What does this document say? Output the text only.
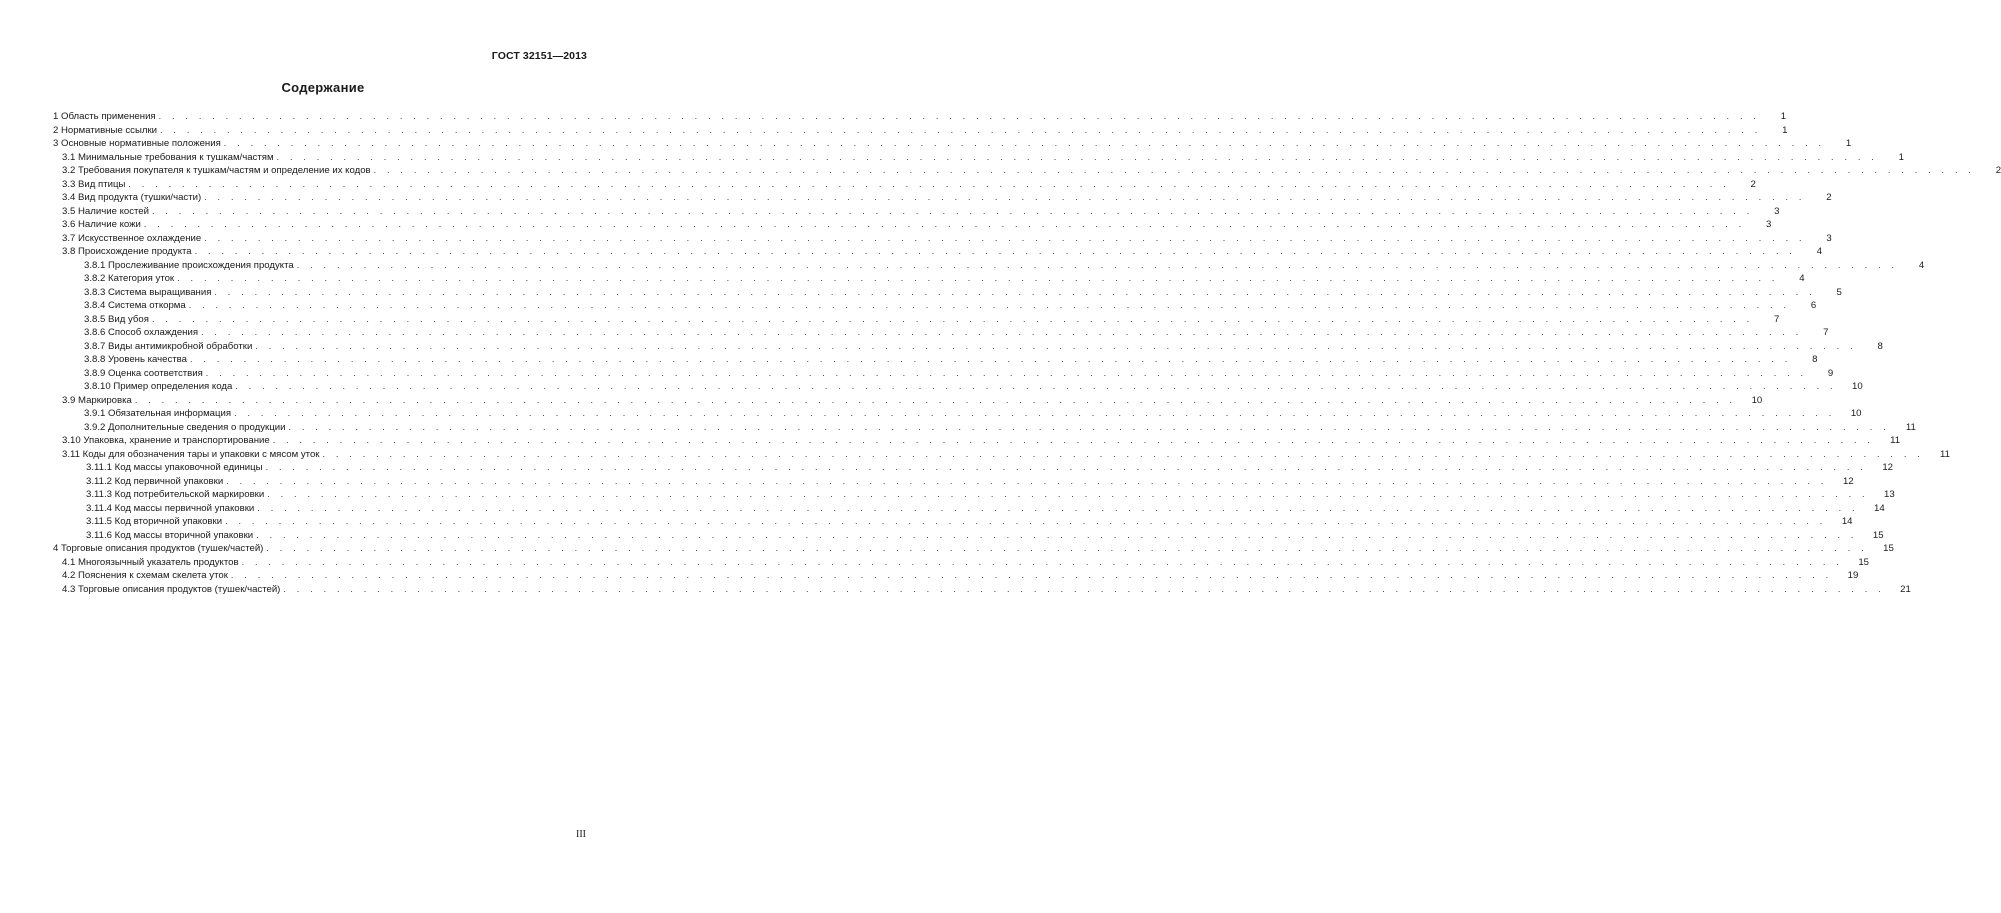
ГОСТ 32151—2013
Содержание
1 Область применения . . . . . . . . . . . . . . . . . . . . . . . . . . . . . . . . . . . . . . . . . . . . . . . . . . . . . . . . . . . . . . . . . . . . . . . . . . . . . . . . . . . . . . . . . . . . . . . . . . . . . . . . . . . . . . . . . . . . . . . .	1
2 Нормативные ссылки . . . . . . . . . . . . . . . . . . . . . . . . . . . . . . . . . . . . . . . . . . . . . . . . . . . . . . . . . . . . . . . . . . . . . . . . . . . . . . . . . . . . . . . . . . . . . . . . . . . . . . . . . . . . . . . . . . . . . . . .	1
3 Основные нормативные положения . . . . . . . . . . . . . . . . . . . . . . . . . . . . . . . . . . . . . . . . . . . . . . . . . . . . . . . . . . . . . . . . . . . . . . . . . . . . . . . . . . . . . . . . . . . . . . . . . . . . . . . . . . . . . . . . . . . . . . . .	1
3.1 Минимальные требования к тушкам/частям . . . . . . . . . . . . . . . . . . . . . . . . . . . . . . . . . . . . . . . . . . . . . . . . . . . . . . . . . . . . . . . . . . . . . . . . . . . . . . . . . . . . . . . . . . . . . . . . . . . . . . . . . . . . . . . . . . . . . . . .	1
3.2 Требования покупателя к тушкам/частям и определение их кодов . . . . . . . . . . . . . . . . . . . . . . . . . . . . . . . . . . . . . . . . . . . . . . . . . . . . . . . . . . . . . . . . . . . . . . . . . . . . . . . . . . . . . . . . . . . . . . . . . . . . . . . . . . . . . . . . . . . . . . . .	2
3.3 Вид птицы . . . . . . . . . . . . . . . . . . . . . . . . . . . . . . . . . . . . . . . . . . . . . . . . . . . . . . . . . . . . . . . . . . . . . . . . . . . . . . . . . . . . . . . . . . . . . . . . . . . . . . . . . . . . . . . . . . . . . . . .	2
3.4 Вид продукта (тушки/части) . . . . . . . . . . . . . . . . . . . . . . . . . . . . . . . . . . . . . . . . . . . . . . . . . . . . . . . . . . . . . . . . . . . . . . . . . . . . . . . . . . . . . . . . . . . . . . . . . . . . . . . . . . . . . . . . . . . . . . . .	2
3.5 Наличие костей . . . . . . . . . . . . . . . . . . . . . . . . . . . . . . . . . . . . . . . . . . . . . . . . . . . . . . . . . . . . . . . . . . . . . . . . . . . . . . . . . . . . . . . . . . . . . . . . . . . . . . . . . . . . . . . . . . . . . . . .	3
3.6 Наличие кожи . . . . . . . . . . . . . . . . . . . . . . . . . . . . . . . . . . . . . . . . . . . . . . . . . . . . . . . . . . . . . . . . . . . . . . . . . . . . . . . . . . . . . . . . . . . . . . . . . . . . . . . . . . . . . . . . . . . . . . . .	3
3.7 Искусственное охлаждение . . . . . . . . . . . . . . . . . . . . . . . . . . . . . . . . . . . . . . . . . . . . . . . . . . . . . . . . . . . . . . . . . . . . . . . . . . . . . . . . . . . . . . . . . . . . . . . . . . . . . . . . . . . . . . . . . . . . . . . .	3
3.8 Происхождение продукта . . . . . . . . . . . . . . . . . . . . . . . . . . . . . . . . . . . . . . . . . . . . . . . . . . . . . . . . . . . . . . . . . . . . . . . . . . . . . . . . . . . . . . . . . . . . . . . . . . . . . . . . . . . . . . . . . . . . . . . .	4
3.8.1 Прослеживание происхождения продукта . . . . . . . . . . . . . . . . . . . . . . . . . . . . . . . . . . . . . . . . . . . . . . . . . . . . . . . . . . . . . . . . . . . . . . . . . . . . . . . . . . . . . . . . . . . . . . . . . . . . . . . . . . . . . . . . . . . . . . . .	4
3.8.2 Категория уток . . . . . . . . . . . . . . . . . . . . . . . . . . . . . . . . . . . . . . . . . . . . . . . . . . . . . . . . . . . . . . . . . . . . . . . . . . . . . . . . . . . . . . . . . . . . . . . . . . . . . . . . . . . . . . . . . . . . . . . .	4
3.8.3 Система выращивания . . . . . . . . . . . . . . . . . . . . . . . . . . . . . . . . . . . . . . . . . . . . . . . . . . . . . . . . . . . . . . . . . . . . . . . . . . . . . . . . . . . . . . . . . . . . . . . . . . . . . . . . . . . . . . . . . . . . . . . .	5
3.8.4 Система откорма . . . . . . . . . . . . . . . . . . . . . . . . . . . . . . . . . . . . . . . . . . . . . . . . . . . . . . . . . . . . . . . . . . . . . . . . . . . . . . . . . . . . . . . . . . . . . . . . . . . . . . . . . . . . . . . . . . . . . . . .	6
3.8.5 Вид убоя . . . . . . . . . . . . . . . . . . . . . . . . . . . . . . . . . . . . . . . . . . . . . . . . . . . . . . . . . . . . . . . . . . . . . . . . . . . . . . . . . . . . . . . . . . . . . . . . . . . . . . . . . . . . . . . . . . . . . . . .	7
3.8.6 Способ охлаждения . . . . . . . . . . . . . . . . . . . . . . . . . . . . . . . . . . . . . . . . . . . . . . . . . . . . . . . . . . . . . . . . . . . . . . . . . . . . . . . . . . . . . . . . . . . . . . . . . . . . . . . . . . . . . . . . . . . . . . . .	7
3.8.7 Виды антимикробной обработки . . . . . . . . . . . . . . . . . . . . . . . . . . . . . . . . . . . . . . . . . . . . . . . . . . . . . . . . . . . . . . . . . . . . . . . . . . . . . . . . . . . . . . . . . . . . . . . . . . . . . . . . . . . . . . . . . . . . . . . .	8
3.8.8 Уровень качества . . . . . . . . . . . . . . . . . . . . . . . . . . . . . . . . . . . . . . . . . . . . . . . . . . . . . . . . . . . . . . . . . . . . . . . . . . . . . . . . . . . . . . . . . . . . . . . . . . . . . . . . . . . . . . . . . . . . . . . .	8
3.8.9 Оценка соответствия . . . . . . . . . . . . . . . . . . . . . . . . . . . . . . . . . . . . . . . . . . . . . . . . . . . . . . . . . . . . . . . . . . . . . . . . . . . . . . . . . . . . . . . . . . . . . . . . . . . . . . . . . . . . . . . . . . . . . . . .	9
3.8.10 Пример определения кода . . . . . . . . . . . . . . . . . . . . . . . . . . . . . . . . . . . . . . . . . . . . . . . . . . . . . . . . . . . . . . . . . . . . . . . . . . . . . . . . . . . . . . . . . . . . . . . . . . . . . . . . . . . . . . . . . . . . . . . .	10
3.9 Маркировка . . . . . . . . . . . . . . . . . . . . . . . . . . . . . . . . . . . . . . . . . . . . . . . . . . . . . . . . . . . . . . . . . . . . . . . . . . . . . . . . . . . . . . . . . . . . . . . . . . . . . . . . . . . . . . . . . . . . . . . .	10
3.9.1 Обязательная информация . . . . . . . . . . . . . . . . . . . . . . . . . . . . . . . . . . . . . . . . . . . . . . . . . . . . . . . . . . . . . . . . . . . . . . . . . . . . . . . . . . . . . . . . . . . . . . . . . . . . . . . . . . . . . . . . . . . . . . . .	10
3.9.2 Дополнительные сведения о продукции . . . . . . . . . . . . . . . . . . . . . . . . . . . . . . . . . . . . . . . . . . . . . . . . . . . . . . . . . . . . . . . . . . . . . . . . . . . . . . . . . . . . . . . . . . . . . . . . . . . . . . . . . . . . . . . . . . . . . . . .	11
3.10 Упаковка, хранение и транспортирование . . . . . . . . . . . . . . . . . . . . . . . . . . . . . . . . . . . . . . . . . . . . . . . . . . . . . . . . . . . . . . . . . . . . . . . . . . . . . . . . . . . . . . . . . . . . . . . . . . . . . . . . . . . . . . . . . . . . . . . .	11
3.11 Коды для обозначения тары и упаковки с мясом уток . . . . . . . . . . . . . . . . . . . . . . . . . . . . . . . . . . . . . . . . . . . . . . . . . . . . . . . . . . . . . . . . . . . . . . . . . . . . . . . . . . . . . . . . . . . . . . . . . . . . . . . . . . . . . . . . . . . . . . . .	11
3.11.1 Код массы упаковочной единицы . . . . . . . . . . . . . . . . . . . . . . . . . . . . . . . . . . . . . . . . . . . . . . . . . . . . . . . . . . . . . . . . . . . . . . . . . . . . . . . . . . . . . . . . . . . . . . . . . . . . . . . . . . . . . . . . . . . . . . . .	12
3.11.2 Код первичной упаковки . . . . . . . . . . . . . . . . . . . . . . . . . . . . . . . . . . . . . . . . . . . . . . . . . . . . . . . . . . . . . . . . . . . . . . . . . . . . . . . . . . . . . . . . . . . . . . . . . . . . . . . . . . . . . . . . . . . . . . . .	12
3.11.3 Код потребительской маркировки . . . . . . . . . . . . . . . . . . . . . . . . . . . . . . . . . . . . . . . . . . . . . . . . . . . . . . . . . . . . . . . . . . . . . . . . . . . . . . . . . . . . . . . . . . . . . . . . . . . . . . . . . . . . . . . . . . . . . . . .	13
3.11.4 Код массы первичной упаковки . . . . . . . . . . . . . . . . . . . . . . . . . . . . . . . . . . . . . . . . . . . . . . . . . . . . . . . . . . . . . . . . . . . . . . . . . . . . . . . . . . . . . . . . . . . . . . . . . . . . . . . . . . . . . . . . . . . . . . . .	14
3.11.5 Код вторичной упаковки . . . . . . . . . . . . . . . . . . . . . . . . . . . . . . . . . . . . . . . . . . . . . . . . . . . . . . . . . . . . . . . . . . . . . . . . . . . . . . . . . . . . . . . . . . . . . . . . . . . . . . . . . . . . . . . . . . . . . . . .	14
3.11.6 Код массы вторичной упаковки . . . . . . . . . . . . . . . . . . . . . . . . . . . . . . . . . . . . . . . . . . . . . . . . . . . . . . . . . . . . . . . . . . . . . . . . . . . . . . . . . . . . . . . . . . . . . . . . . . . . . . . . . . . . . . . . . . . . . . . .	15
4 Торговые описания продуктов (тушек/частей) . . . . . . . . . . . . . . . . . . . . . . . . . . . . . . . . . . . . . . . . . . . . . . . . . . . . . . . . . . . . . . . . . . . . . . . . . . . . . . . . . . . . . . . . . . . . . . . . . . . . . . . . . . . . . . . . . . . . . . . .	15
4.1 Многоязычный указатель продуктов . . . . . . . . . . . . . . . . . . . . . . . . . . . . . . . . . . . . . . . . . . . . . . . . . . . . . . . . . . . . . . . . . . . . . . . . . . . . . . . . . . . . . . . . . . . . . . . . . . . . . . . . . . . . . . . . . . . . . . . .	15
4.2 Пояснения к схемам скелета уток . . . . . . . . . . . . . . . . . . . . . . . . . . . . . . . . . . . . . . . . . . . . . . . . . . . . . . . . . . . . . . . . . . . . . . . . . . . . . . . . . . . . . . . . . . . . . . . . . . . . . . . . . . . . . . . . . . . . . . . .	19
4.3 Торговые описания продуктов (тушек/частей) . . . . . . . . . . . . . . . . . . . . . . . . . . . . . . . . . . . . . . . . . . . . . . . . . . . . . . . . . . . . . . . . . . . . . . . . . . . . . . . . . . . . . . . . . . . . . . . . . . . . . . . . . . . . . . . . . . . . . . . .	21
III
